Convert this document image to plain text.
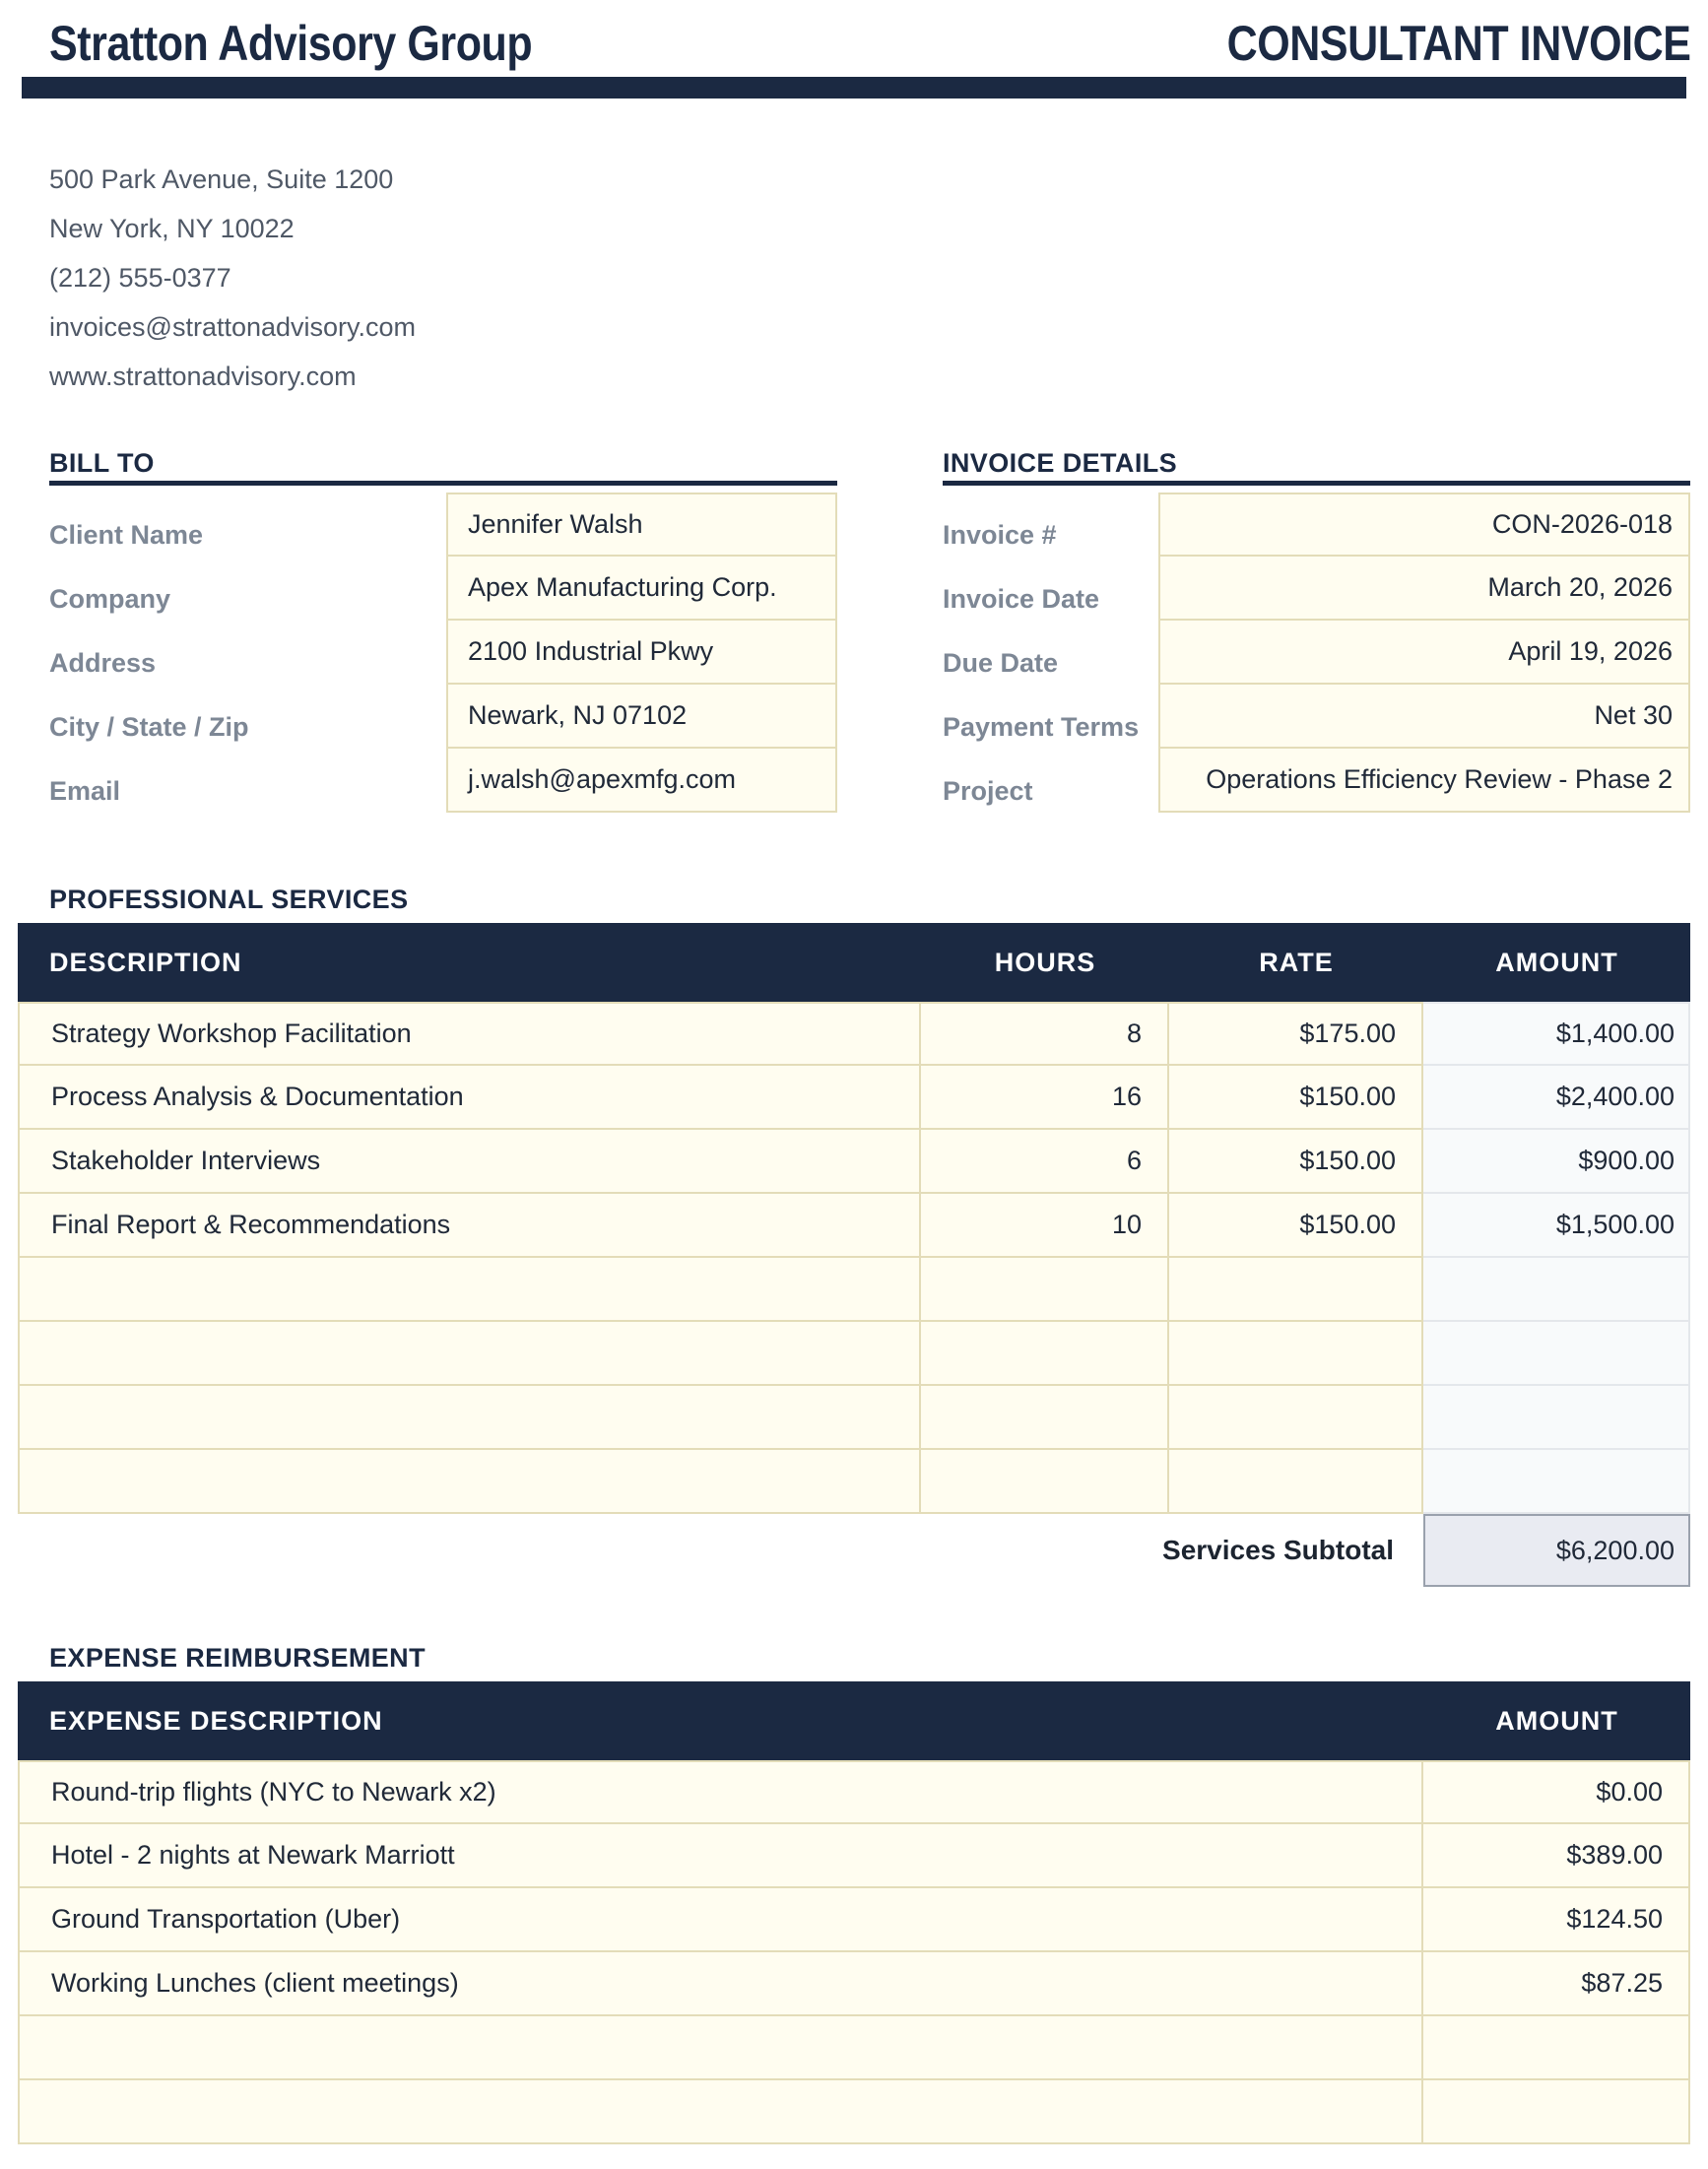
Stratton Advisory Group	CONSULTANT INVOICE
500 Park Avenue, Suite 1200
New York, NY 10022
(212) 555-0377
invoices@strattonadvisory.com
www.strattonadvisory.com
BILL TO
Client Name	Jennifer Walsh
Company	Apex Manufacturing Corp.
Address	2100 Industrial Pkwy
City / State / Zip	Newark, NJ 07102
Email	j.walsh@apexmfg.com
INVOICE DETAILS
Invoice #	CON-2026-018
Invoice Date	March 20, 2026
Due Date	April 19, 2026
Payment Terms	Net 30
Project	Operations Efficiency Review - Phase 2
PROFESSIONAL SERVICES
DESCRIPTION	HOURS	RATE	AMOUNT
Strategy Workshop Facilitation	8	$175.00	$1,400.00
Process Analysis & Documentation	16	$150.00	$2,400.00
Stakeholder Interviews	6	$150.00	$900.00
Final Report & Recommendations	10	$150.00	$1,500.00
Services Subtotal	$6,200.00
EXPENSE REIMBURSEMENT
EXPENSE DESCRIPTION	AMOUNT
Round-trip flights (NYC to Newark x2)	$0.00
Hotel - 2 nights at Newark Marriott	$389.00
Ground Transportation (Uber)	$124.50
Working Lunches (client meetings)	$87.25
